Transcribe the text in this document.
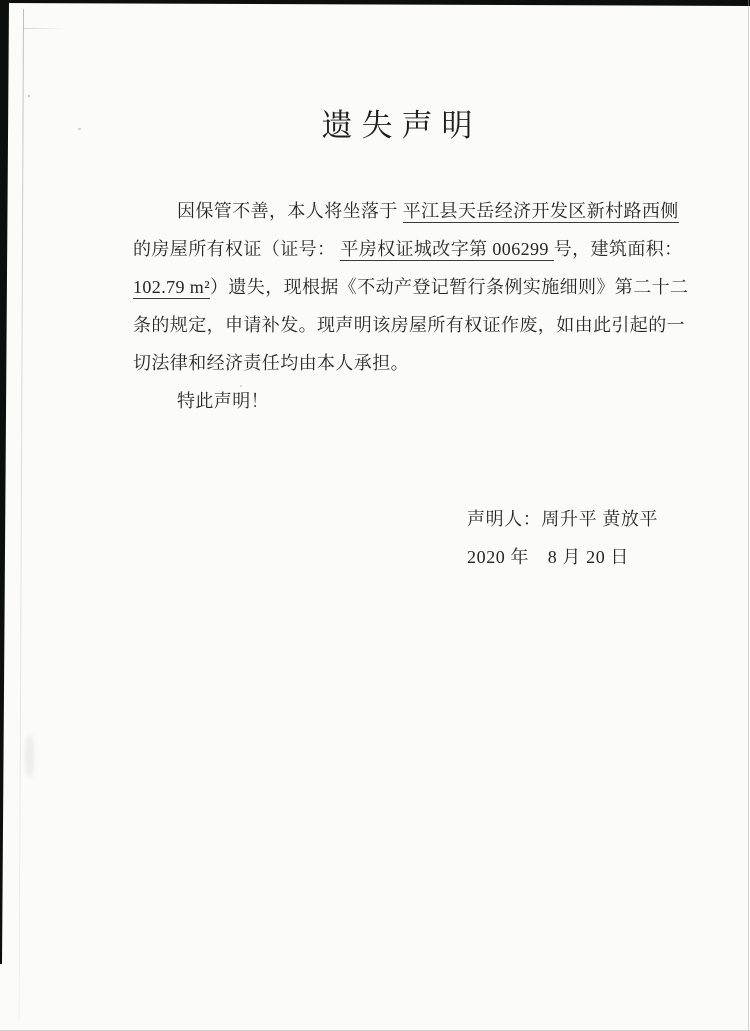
遗失声明
因保管不善，本人将坐落于 平江县天岳经济开发区新村路西侧
的房屋所有权证（证号： 平房权证城改字第 006299 号，建筑面积：
102.79 m²）遗失，现根据《不动产登记暂行条例实施细则》第二十二
条的规定，申请补发。现声明该房屋所有权证作废，如由此引起的一
切法律和经济责任均由本人承担。
特此声明！
声明人：周升平 黄放平
2020 年　8 月 20 日
